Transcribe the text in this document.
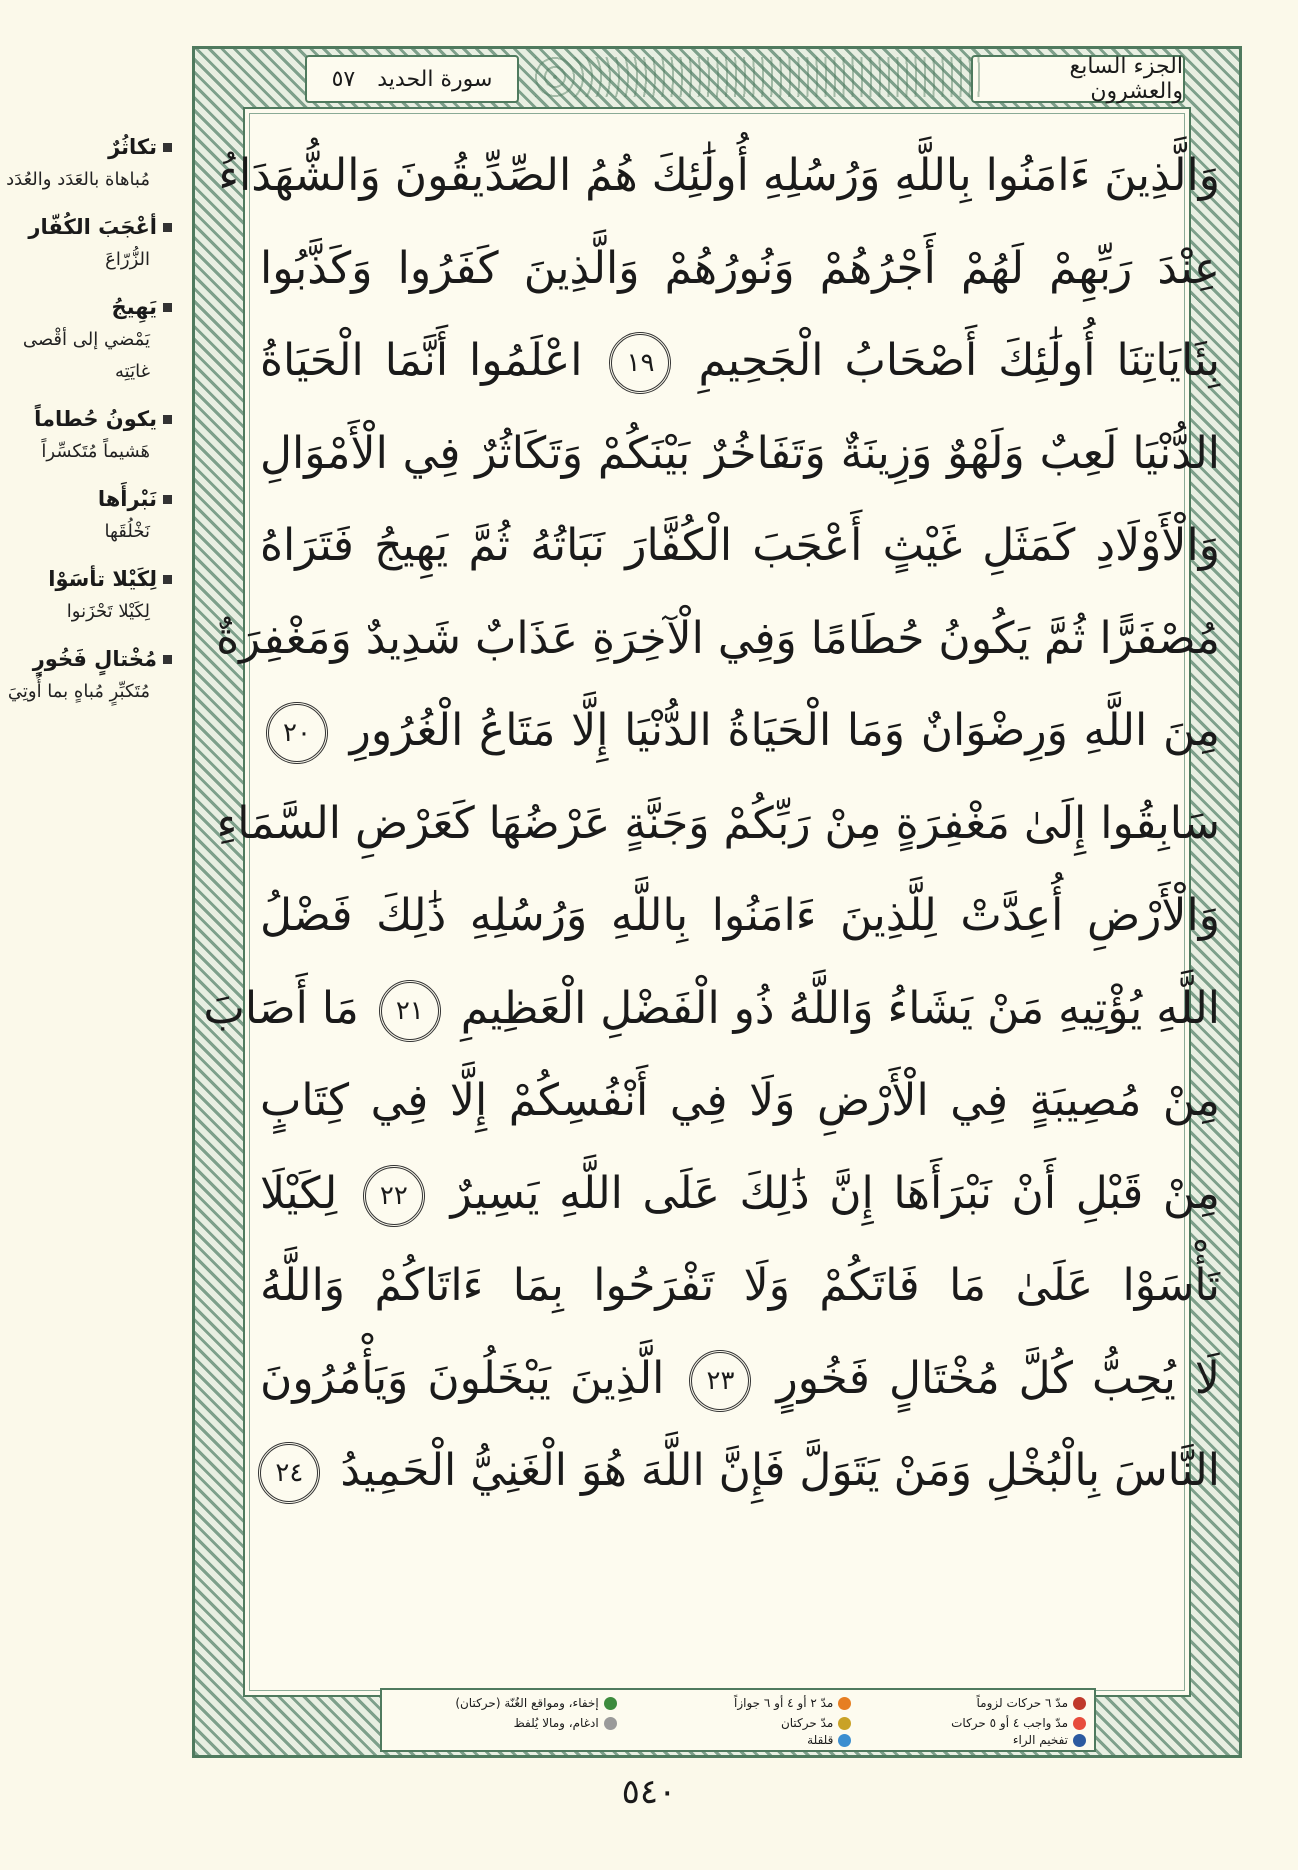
الجزء السابع والعشرون
سورة الحديد
٥٧
وَالَّذِينَ ءَامَنُوا بِاللَّهِ وَرُسُلِهِ أُولَٰئِكَ هُمُ الصِّدِّيقُونَ وَالشُّهَدَاءُ
عِنْدَ رَبِّهِمْ لَهُمْ أَجْرُهُمْ وَنُورُهُمْ وَالَّذِينَ كَفَرُوا وَكَذَّبُوا
بِئَايَاتِنَا أُولَٰئِكَ أَصْحَابُ الْجَحِيمِ ١٩ اعْلَمُوا أَنَّمَا الْحَيَاةُ
الدُّنْيَا لَعِبٌ وَلَهْوٌ وَزِينَةٌ وَتَفَاخُرٌ بَيْنَكُمْ وَتَكَاثُرٌ فِي الْأَمْوَالِ
وَالْأَوْلَادِ كَمَثَلِ غَيْثٍ أَعْجَبَ الْكُفَّارَ نَبَاتُهُ ثُمَّ يَهِيجُ فَتَرَاهُ
مُصْفَرًّا ثُمَّ يَكُونُ حُطَامًا وَفِي الْآخِرَةِ عَذَابٌ شَدِيدٌ وَمَغْفِرَةٌ
مِنَ اللَّهِ وَرِضْوَانٌ وَمَا الْحَيَاةُ الدُّنْيَا إِلَّا مَتَاعُ الْغُرُورِ ٢٠
سَابِقُوا إِلَىٰ مَغْفِرَةٍ مِنْ رَبِّكُمْ وَجَنَّةٍ عَرْضُهَا كَعَرْضِ السَّمَاءِ
وَالْأَرْضِ أُعِدَّتْ لِلَّذِينَ ءَامَنُوا بِاللَّهِ وَرُسُلِهِ ذَٰلِكَ فَضْلُ
اللَّهِ يُؤْتِيهِ مَنْ يَشَاءُ وَاللَّهُ ذُو الْفَضْلِ الْعَظِيمِ ٢١ مَا أَصَابَ
مِنْ مُصِيبَةٍ فِي الْأَرْضِ وَلَا فِي أَنْفُسِكُمْ إِلَّا فِي كِتَابٍ
مِنْ قَبْلِ أَنْ نَبْرَأَهَا إِنَّ ذَٰلِكَ عَلَى اللَّهِ يَسِيرٌ ٢٢ لِكَيْلَا
تَأْسَوْا عَلَىٰ مَا فَاتَكُمْ وَلَا تَفْرَحُوا بِمَا ءَاتَاكُمْ وَاللَّهُ
لَا يُحِبُّ كُلَّ مُخْتَالٍ فَخُورٍ ٢٣ الَّذِينَ يَبْخَلُونَ وَيَأْمُرُونَ
النَّاسَ بِالْبُخْلِ وَمَنْ يَتَوَلَّ فَإِنَّ اللَّهَ هُوَ الْغَنِيُّ الْحَمِيدُ ٢٤
تكاثُرٌ
مُباهاة بالعَدَد والعُدَد
أعْجَبَ الكُفّار
الزُّرّاعَ
يَهِيجُ
يَمْضي إلى أقْصى غايَتِه
يكونُ حُطاماً
هَشيماً مُتَكسِّراً
نَبْرأَها
نَخْلُقَها
لِكَيْلا تأسَوْا
لِكَيْلا تَحْزَنوا
مُخْتالٍ فَخُورٍ
مُتَكبِّرٍ مُباهٍ بما أُوتِيَ
مدّ ٦ حركات لزوماً
مدّ ٢ أو ٤ أو ٦ جوازاً
إخفاء، ومواقع الغُنّة (حركتان)
مدّ واجب ٤ أو ٥ حركات
مدّ حركتان
ادغام، ومالا يُلفظ
تفخيم الراء
قلقلة
٥٤٠
